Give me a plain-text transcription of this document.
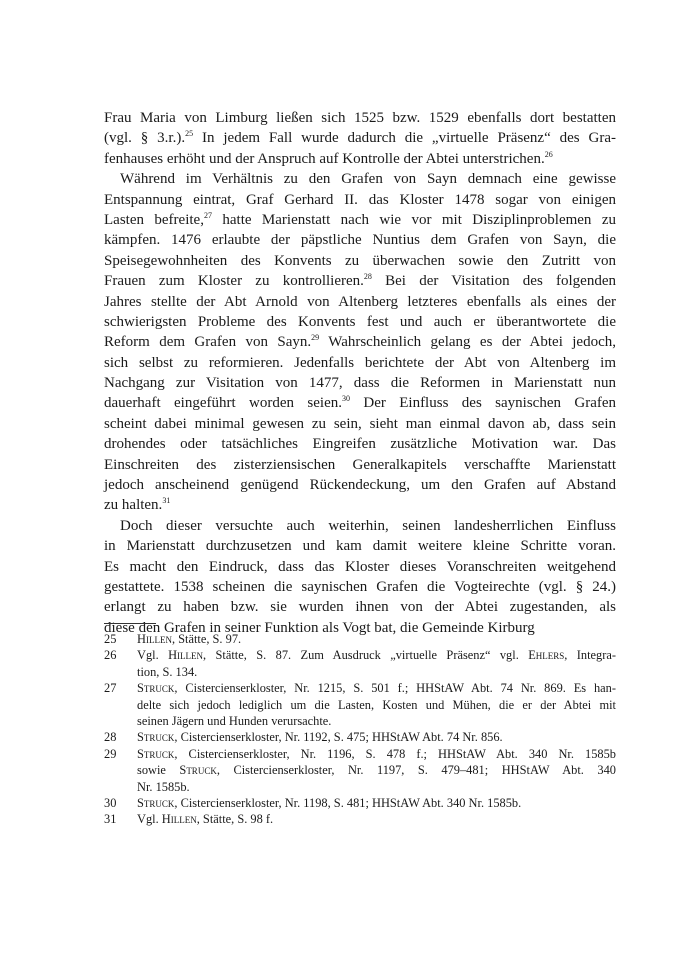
Frau Maria von Limburg ließen sich 1525 bzw. 1529 ebenfalls dort bestatten
(vgl. § 3.r.).$^{25}$ In jedem Fall wurde dadurch die „virtuelle Präsenz“ des Gra-
fenhauses erhöht und der Anspruch auf Kontrolle der Abtei unterstrichen.$^{26}$
Während im Verhältnis zu den Grafen von Sayn demnach eine gewisse
Entspannung eintrat, Graf Gerhard II. das Kloster 1478 sogar von einigen
Lasten befreite,$^{27}$ hatte Marienstatt nach wie vor mit Disziplinproblemen zu
kämpfen. 1476 erlaubte der päpstliche Nuntius dem Grafen von Sayn, die
Speisegewohnheiten des Konvents zu überwachen sowie den Zutritt von
Frauen zum Kloster zu kontrollieren.$^{28}$ Bei der Visitation des folgenden
Jahres stellte der Abt Arnold von Altenberg letzteres ebenfalls als eines der
schwierigsten Probleme des Konvents fest und auch er überantwortete die
Reform dem Grafen von Sayn.$^{29}$ Wahrscheinlich gelang es der Abtei jedoch,
sich selbst zu reformieren. Jedenfalls berichtete der Abt von Altenberg im
Nachgang zur Visitation von 1477, dass die Reformen in Marienstatt nun
dauerhaft eingeführt worden seien.$^{30}$ Der Einfluss des saynischen Grafen
scheint dabei minimal gewesen zu sein, sieht man einmal davon ab, dass sein
drohendes oder tatsächliches Eingreifen zusätzliche Motivation war. Das
Einschreiten des zisterziensischen Generalkapitels verschaffte Marienstatt
jedoch anscheinend genügend Rückendeckung, um den Grafen auf Abstand
zu halten.$^{31}$
Doch dieser versuchte auch weiterhin, seinen landesherrlichen Einfluss
in Marienstatt durchzusetzen und kam damit weitere kleine Schritte voran.
Es macht den Eindruck, dass das Kloster dieses Voranschreiten weitgehend
gestattete. 1538 scheinen die saynischen Grafen die Vogteirechte (vgl. § 24.)
erlangt zu haben bzw. sie wurden ihnen von der Abtei zugestanden, als
diese den Grafen in seiner Funktion als Vogt bat, die Gemeinde Kirburg
25 Hillen, Stätte, S. 97.
26 Vgl. Hillen, Stätte, S. 87. Zum Ausdruck „virtuelle Präsenz“ vgl. Ehlers, Integra-
tion, S. 134.
27 Struck, Cistercienserkloster, Nr. 1215, S. 501 f.; HHStAW Abt. 74 Nr. 869. Es han-
delte sich jedoch lediglich um die Lasten, Kosten und Mühen, die er der Abtei mit
seinen Jägern und Hunden verursachte.
28 Struck, Cistercienserkloster, Nr. 1192, S. 475; HHStAW Abt. 74 Nr. 856.
29 Struck, Cistercienserkloster, Nr. 1196, S. 478 f.; HHStAW Abt. 340 Nr. 1585b
sowie Struck, Cistercienserkloster, Nr. 1197, S. 479–481; HHStAW Abt. 340
Nr. 1585b.
30 Struck, Cistercienserkloster, Nr. 1198, S. 481; HHStAW Abt. 340 Nr. 1585b.
31 Vgl. Hillen, Stätte, S. 98 f.
